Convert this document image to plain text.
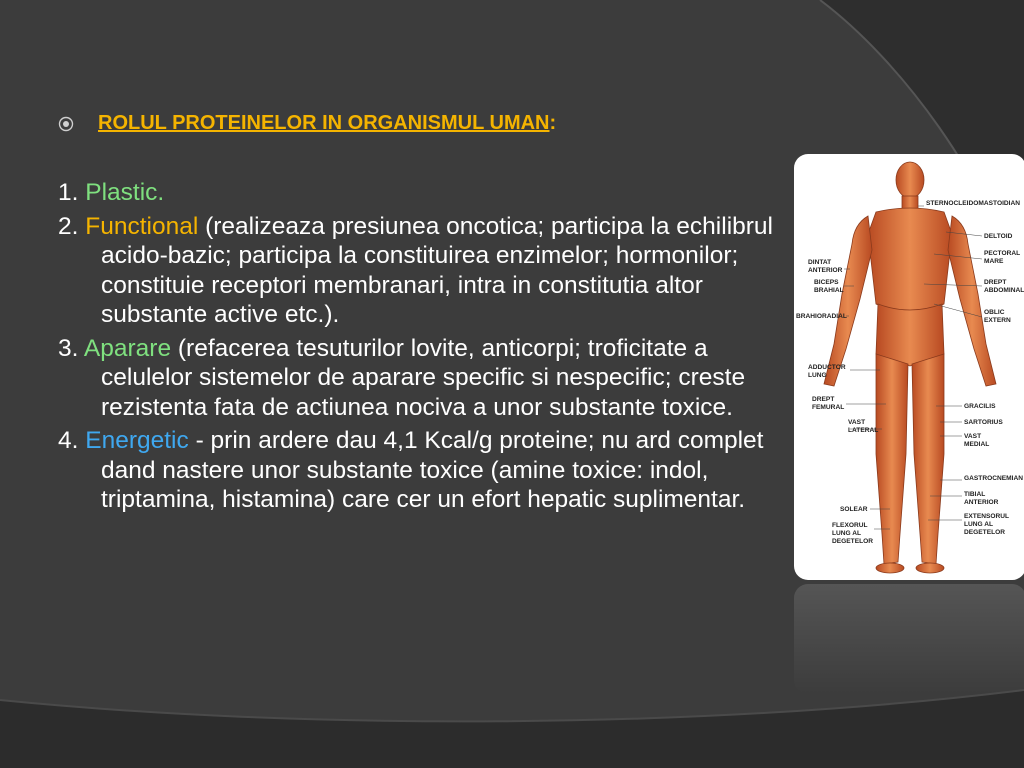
ROLUL PROTEINELOR IN ORGANISMUL UMAN :
1. Plastic.
2. Functional (realizeaza presiunea oncotica; participa la echilibrul acido-bazic; participa la constituirea enzimelor; hormonilor; constituie receptori membranari, intra in constitutia altor substante active etc.).
3. Aparare (refacerea tesuturilor lovite, anticorpi; troficitate a celulelor sistemelor de aparare specific si nespecific; creste rezistenta fata de actiunea nociva a unor substante toxice.
4. Energetic - prin ardere dau 4,1 Kcal/g proteine; nu ard complet dand nastere unor substante toxice (amine toxice: indol, triptamina, histamina) care cer un efort hepatic suplimentar.
DINTAT
ANTERIOR
BICEPS
BRAHIAL
BRAHIORADIAL
ADDUCTOR
LUNG
DREPT
FEMURAL
VAST
LATERAL
SOLEAR
FLEXORUL
LUNG AL
DEGETELOR
STERNOCLEIDOMASTOIDIAN
DELTOID
PECTORAL
MARE
DREPT
ABDOMINAL
OBLIC
EXTERN
GRACILIS
SARTORIUS
VAST
MEDIAL
GASTROCNEMIAN
TIBIAL
ANTERIOR
EXTENSORUL
LUNG AL
DEGETELOR
